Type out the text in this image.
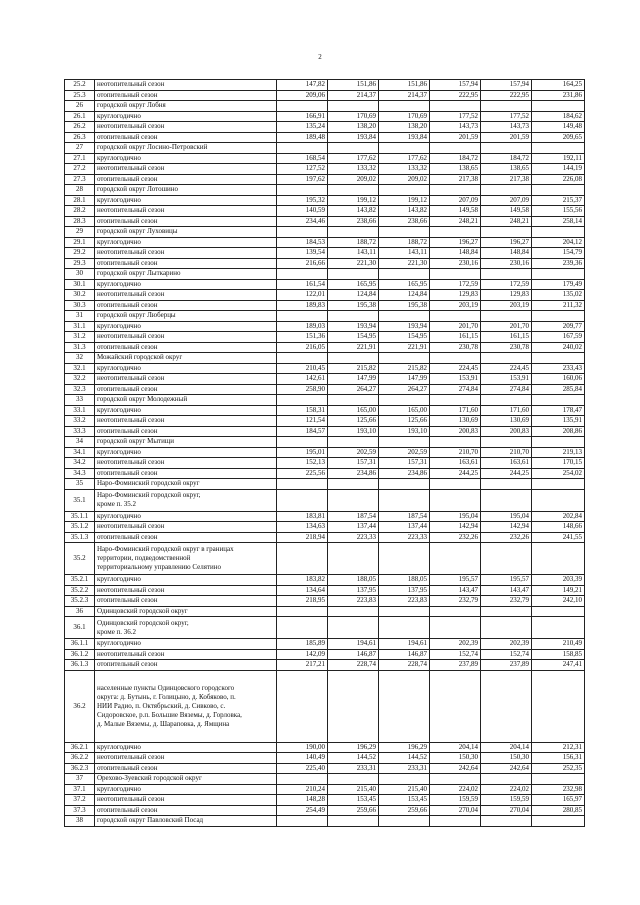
2
25.2	неотопительный сезон	147,82	151,86	151,86	157,94	157,94	164,25
25.3	отопительный сезон	209,06	214,37	214,37	222,95	222,95	231,86
26	городской округ Лобня						
26.1	круглогодично	166,91	170,69	170,69	177,52	177,52	184,62
26.2	неотопительный сезон	135,24	138,20	138,20	143,73	143,73	149,48
26.3	отопительный сезон	189,48	193,84	193,84	201,59	201,59	209,65
27	городской округ Лосино-Петровский						
27.1	круглогодично	168,54	177,62	177,62	184,72	184,72	192,11
27.2	неотопительный сезон	127,52	133,32	133,32	138,65	138,65	144,19
27.3	отопительный сезон	197,62	209,02	209,02	217,38	217,38	226,08
28	городской округ Лотошино						
28.1	круглогодично	195,32	199,12	199,12	207,09	207,09	215,37
28.2	неотопительный сезон	140,59	143,82	143,82	149,58	149,58	155,56
28.3	отопительный сезон	234,46	238,66	238,66	248,21	248,21	258,14
29	городской округ Луховицы						
29.1	круглогодично	184,53	188,72	188,72	196,27	196,27	204,12
29.2	неотопительный сезон	139,54	143,11	143,11	148,84	148,84	154,79
29.3	отопительный сезон	216,66	221,30	221,30	230,16	230,16	239,36
30	городской округ Лыткарино						
30.1	круглогодично	161,54	165,95	165,95	172,59	172,59	179,49
30.2	неотопительный сезон	122,01	124,84	124,84	129,83	129,83	135,02
30.3	отопительный сезон	189,83	195,38	195,38	203,19	203,19	211,32
31	городской округ Люберцы						
31.1	круглогодично	189,03	193,94	193,94	201,70	201,70	209,77
31.2	неотопительный сезон	151,36	154,95	154,95	161,15	161,15	167,59
31.3	отопительный сезон	216,05	221,91	221,91	230,78	230,78	240,02
32	Можайский городской округ						
32.1	круглогодично	210,45	215,82	215,82	224,45	224,45	233,43
32.2	неотопительный сезон	142,61	147,99	147,99	153,91	153,91	160,06
32.3	отопительный сезон	258,90	264,27	264,27	274,84	274,84	285,84
33	городской округ Молодежный						
33.1	круглогодично	158,31	165,00	165,00	171,60	171,60	178,47
33.2	неотопительный сезон	121,54	125,66	125,66	130,69	130,69	135,91
33.3	отопительный сезон	184,57	193,10	193,10	200,83	200,83	208,86
34	городской округ Мытищи						
34.1	круглогодично	195,01	202,59	202,59	210,70	210,70	219,13
34.2	неотопительный сезон	152,13	157,31	157,31	163,61	163,61	170,15
34.3	отопительный сезон	225,56	234,86	234,86	244,25	244,25	254,02
35	Наро-Фоминский городской округ						
35.1	Наро-Фоминский городской округ,
кроме п. 35.2						
35.1.1	круглогодично	183,81	187,54	187,54	195,04	195,04	202,84
35.1.2	неотопительный сезон	134,63	137,44	137,44	142,94	142,94	148,66
35.1.3	отопительный сезон	218,94	223,33	223,33	232,26	232,26	241,55
35.2	Наро-Фоминский городской округ в границах
территории, подведомственной
территориальному управлению Селятино						
35.2.1	круглогодично	183,82	188,05	188,05	195,57	195,57	203,39
35.2.2	неотопительный сезон	134,64	137,95	137,95	143,47	143,47	149,21
35.2.3	отопительный сезон	218,95	223,83	223,83	232,79	232,79	242,10
36	Одинцовский городской округ						
36.1	Одинцовский городской округ,
кроме п. 36.2						
36.1.1	круглогодично	185,89	194,61	194,61	202,39	202,39	210,49
36.1.2	неотопительный сезон	142,09	146,87	146,87	152,74	152,74	158,85
36.1.3	отопительный сезон	217,21	228,74	228,74	237,89	237,89	247,41
36.2	населенные пункты Одинцовского городского
округа: д. Бутынь, г. Голицыно, д. Кобяково, п.
НИИ Радио, п. Октябрьский, д. Сивково, с.
Сидоровское, р.п. Большие Вяземы, д. Горловка,
д. Малые Вяземы, д. Шараповка, д. Ямщина						
36.2.1	круглогодично	190,00	196,29	196,29	204,14	204,14	212,31
36.2.2	неотопительный сезон	140,49	144,52	144,52	150,30	150,30	156,31
36.2.3	отопительный сезон	225,40	233,31	233,31	242,64	242,64	252,35
37	Орехово-Зуевский городской округ						
37.1	круглогодично	210,24	215,40	215,40	224,02	224,02	232,98
37.2	неотопительный сезон	148,28	153,45	153,45	159,59	159,59	165,97
37.3	отопительный сезон	254,49	259,66	259,66	270,04	270,04	280,85
38	городской округ Павловский Посад						
